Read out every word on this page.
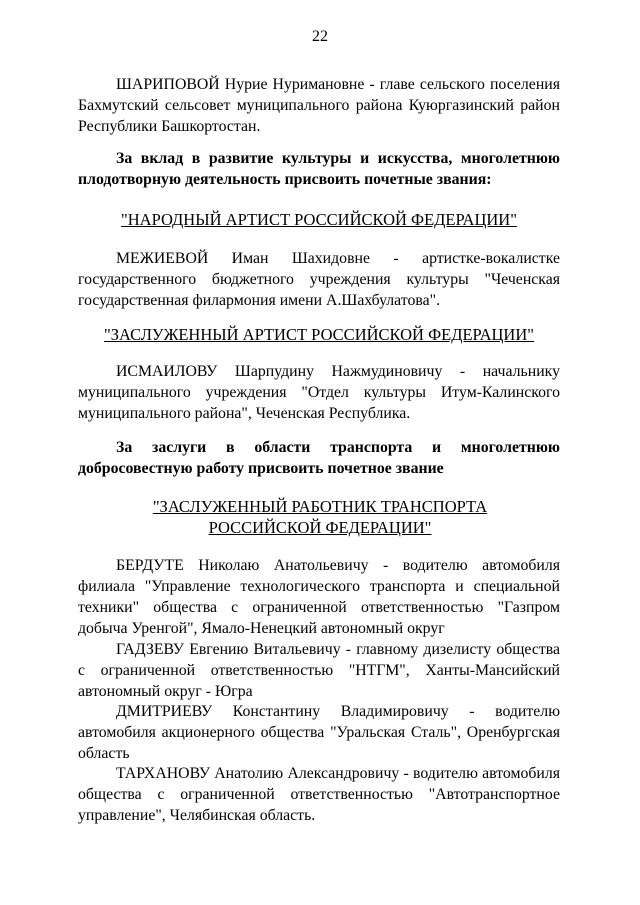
22

ШАРИПОВОЙ Нурие Нуримановне - главе сельского поселения Бахмутский сельсовет муниципального района Куюргазинский район Республики Башкортостан.

За вклад в развитие культуры и искусства, многолетнюю плодотворную деятельность присвоить почетные звания:

"НАРОДНЫЙ АРТИСТ РОССИЙСКОЙ ФЕДЕРАЦИИ"

МЕЖИЕВОЙ Иман Шахидовне - артистке-вокалистке государственного бюджетного учреждения культуры "Чеченская государственная филармония имени А.Шахбулатова".

"ЗАСЛУЖЕННЫЙ АРТИСТ РОССИЙСКОЙ ФЕДЕРАЦИИ"

ИСМАИЛОВУ Шарпудину Нажмудиновичу - начальнику муниципального учреждения "Отдел культуры Итум-Калинского муниципального района", Чеченская Республика.

За заслуги в области транспорта и многолетнюю добросовестную работу присвоить почетное звание

"ЗАСЛУЖЕННЫЙ РАБОТНИК ТРАНСПОРТА РОССИЙСКОЙ ФЕДЕРАЦИИ"

БЕРДУТЕ Николаю Анатольевичу - водителю автомобиля филиала "Управление технологического транспорта и специальной техники" общества с ограниченной ответственностью "Газпром добыча Уренгой", Ямало-Ненецкий автономный округ

ГАДЗЕВУ Евгению Витальевичу - главному дизелисту общества с ограниченной ответственностью "НТГМ", Ханты-Мансийский автономный округ - Югра

ДМИТРИЕВУ Константину Владимировичу - водителю автомобиля акционерного общества "Уральская Сталь", Оренбургская область

ТАРХАНОВУ Анатолию Александровичу - водителю автомобиля общества с ограниченной ответственностью "Автотранспортное управление", Челябинская область.
